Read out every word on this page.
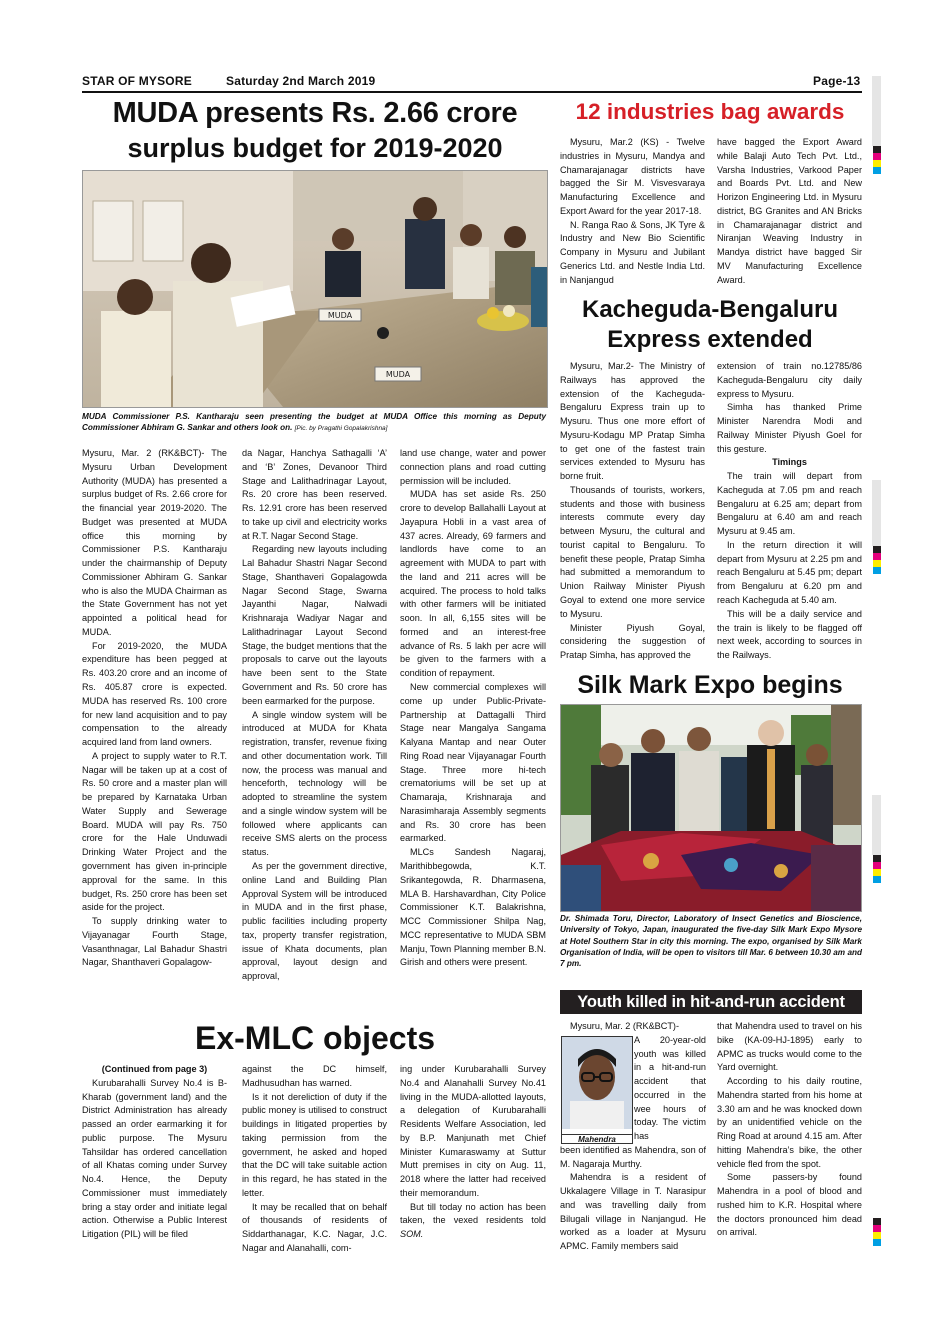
STAR OF MYSORE	Saturday 2nd March 2019	Page-13
MUDA presents Rs. 2.66 crore
surplus budget for 2019-2020
MUDA
MUDA
MUDA Commissioner P.S. Kantharaju seen presenting the budget at MUDA Office this morning as Deputy Commissioner Abhiram G. Sankar and others look on. [Pic. by Pragathi Gopalakrishna]

Mysuru, Mar. 2 (RK&BCT)- The Mysuru Urban Development Authority (MUDA) has presented a surplus budget of Rs. 2.66 crore for the financial year 2019-2020. The Budget was presented at MUDA office this morning by Commissioner P.S. Kantharaju under the chairmanship of Deputy Commissioner Abhiram G. Sankar who is also the MUDA Chairman as the State Government has not yet appointed a political head for MUDA.

For 2019-2020, the MUDA expenditure has been pegged at Rs. 403.20 crore and an income of Rs. 405.87 crore is expected. MUDA has reserved Rs. 100 crore for new land acquisition and to pay compensation to the already acquired land from land owners.

A project to supply water to R.T. Nagar will be taken up at a cost of Rs. 50 crore and a master plan will be prepared by Karnataka Urban Water Supply and Sewerage Board. MUDA will pay Rs. 750 crore for the Hale Unduwadi Drinking Water Project and the government has given in-principle approval for the same. In this budget, Rs. 250 crore has been set aside for the project.

To supply drinking water to Vijayanagar Fourth Stage, Vasanthnagar, Lal Bahadur Shastri Nagar, Shanthaveri Gopalagow-

da Nagar, Hanchya Sathagalli ‘A’ and ‘B’ Zones, Devanoor Third Stage and Lalithadrinagar Layout, Rs. 20 crore has been reserved. Rs. 12.91 crore has been reserved to take up civil and electricity works at R.T. Nagar Second Stage.

Regarding new layouts including Lal Bahadur Shastri Nagar Second Stage, Shanthaveri Gopalagowda Nagar Second Stage, Swarna Jayanthi Nagar, Nalwadi Krishnaraja Wadiyar Nagar and Lalithadrinagar Layout Second Stage, the budget mentions that the proposals to carve out the layouts have been sent to the State Government and Rs. 50 crore has been earmarked for the purpose.

A single window system will be introduced at MUDA for Khata registration, transfer, revenue fixing and other documentation work. Till now, the process was manual and henceforth, technology will be adopted to streamline the system and a single window system will be followed where applicants can receive SMS alerts on the process status.

As per the government directive, online Land and Building Plan Approval System will be introduced in MUDA and in the first phase, public facilities including property tax, property transfer registration, issue of Khata documents, plan approval, layout design and approval,

land use change, water and power connection plans and road cutting permission will be included.

MUDA has set aside Rs. 250 crore to develop Ballahalli Layout at Jayapura Hobli in a vast area of 437 acres. Already, 69 farmers and landlords have come to an agreement with MUDA to part with the land and 211 acres will be acquired. The process to hold talks with other farmers will be initiated soon. In all, 6,155 sites will be formed and an interest-free advance of Rs. 5 lakh per acre will be given to the farmers with a condition of repayment.

New commercial complexes will come up under Public-Private-Partnership at Dattagalli Third Stage near Mangalya Sangama Kalyana Mantap and near Outer Ring Road near Vijayanagar Fourth Stage. Three more hi-tech crematoriums will be set up at Chamaraja, Krishnaraja and Narasimharaja Assembly segments and Rs. 30 crore has been earmarked.

MLCs Sandesh Nagaraj, Marithibbegowda, K.T. Srikantegowda, R. Dharmasena, MLA B. Harshavardhan, City Police Commissioner K.T. Balakrishna, MCC Commissioner Shilpa Nag, MCC representative to MUDA SBM Manju, Town Planning member B.N. Girish and others were present.

Ex-MLC objects

(Continued from page 3)

Kurubarahalli Survey No.4 is B-Kharab (government land) and the District Administration has already passed an order earmarking it for public purpose. The Mysuru Tahsildar has ordered cancellation of all Khatas coming under Survey No.4. Hence, the Deputy Commissioner must immediately bring a stay order and initiate legal action. Otherwise a Public Interest Litigation (PIL) will be filed

against the DC himself, Madhusudhan has warned.

Is it not dereliction of duty if the public money is utilised to construct buildings in litigated properties by taking permission from the government, he asked and hoped that the DC will take suitable action in this regard, he has stated in the letter.

It may be recalled that on behalf of thousands of residents of Siddarthanagar, K.C. Nagar, J.C. Nagar and Alanahalli, com-

ing under Kurubarahalli Survey No.4 and Alanahalli Survey No.41 living in the MUDA-allotted layouts, a delegation of Kurubarahalli Residents Welfare Association, led by B.P. Manjunath met Chief Minister Kumaraswamy at Suttur Mutt premises in city on Aug. 11, 2018 where the latter had received their memorandum.

But till today no action has been taken, the vexed residents told SOM.

12 industries bag awards

Mysuru, Mar.2 (KS) - Twelve industries in Mysuru, Mandya and Chamarajanagar districts have bagged the Sir M. Visvesvaraya Manufacturing Excellence and Export Award for the year 2017-18.

N. Ranga Rao & Sons, JK Tyre & Industry and New Bio Scientific Company in Mysuru and Jubilant Generics Ltd. and Nestle India Ltd. in Nanjangud

have bagged the Export Award while Balaji Auto Tech Pvt. Ltd., Varsha Industries, Varkood Paper and Boards Pvt. Ltd. and New Horizon Engineering Ltd. in Mysuru district, BG Granites and AN Bricks in Chamarajanagar district and Niranjan Weaving Industry in Mandya district have bagged Sir MV Manufacturing Excellence Award.

Kacheguda-Bengaluru
Express extended

Mysuru, Mar.2- The Ministry of Railways has approved the extension of the Kacheguda-Bengaluru Express train up to Mysuru. Thus one more effort of Mysuru-Kodagu MP Pratap Simha to get one of the fastest train services extended to Mysuru has borne fruit.

Thousands of tourists, workers, students and those with business interests commute every day between Mysuru, the cultural and tourist capital to Bengaluru. To benefit these people, Pratap Simha had submitted a memorandum to Union Railway Minister Piyush Goyal to extend one more service to Mysuru.

Minister Piyush Goyal, considering the suggestion of Pratap Simha, has approved the

extension of train no.12785/86 Kacheguda-Bengaluru city daily express to Mysuru.

Simha has thanked Prime Minister Narendra Modi and Railway Minister Piyush Goel for this gesture.

Timings

The train will depart from Kacheguda at 7.05 pm and reach Bengaluru at 6.25 am; depart from Bengaluru at 6.40 am and reach Mysuru at 9.45 am.

In the return direction it will depart from Mysuru at 2.25 pm and reach Bengaluru at 5.45 pm; depart from Bengaluru at 6.20 pm and reach Kacheguda at 5.40 am.

This will be a daily service and the train is likely to be flagged off next week, according to sources in the Railways.

Silk Mark Expo begins
Dr. Shimada Toru, Director, Laboratory of Insect Genetics and Bioscience, University of Tokyo, Japan, inaugurated the five-day Silk Mark Expo Mysore at Hotel Southern Star in city this morning. The expo, organised by Silk Mark Organisation of India, will be open to visitors till Mar. 6 between 10.30 am and 7 pm.
Youth killed in hit-and-run accident
Mahendra

Mysuru, Mar. 2 (RK&BCT)-

A 20-year-old youth was killed in a hit-and-run accident that occurred in the wee hours of today. The victim has

been identified as Mahendra, son of M. Nagaraja Murthy.

Mahendra is a resident of Ukkalagere Village in T. Narasipur and was travelling daily from Bilugali village in Nanjangud. He worked as a loader at Mysuru APMC. Family members said

that Mahendra used to travel on his bike (KA-09-HJ-1895) early to APMC as trucks would come to the Yard overnight.

According to his daily routine, Mahendra started from his home at 3.30 am and he was knocked down by an unidentified vehicle on the Ring Road at around 4.15 am. After hitting Mahendra’s bike, the other vehicle fled from the spot.

Some passers-by found Mahendra in a pool of blood and rushed him to K.R. Hospital where the doctors pronounced him dead on arrival.
